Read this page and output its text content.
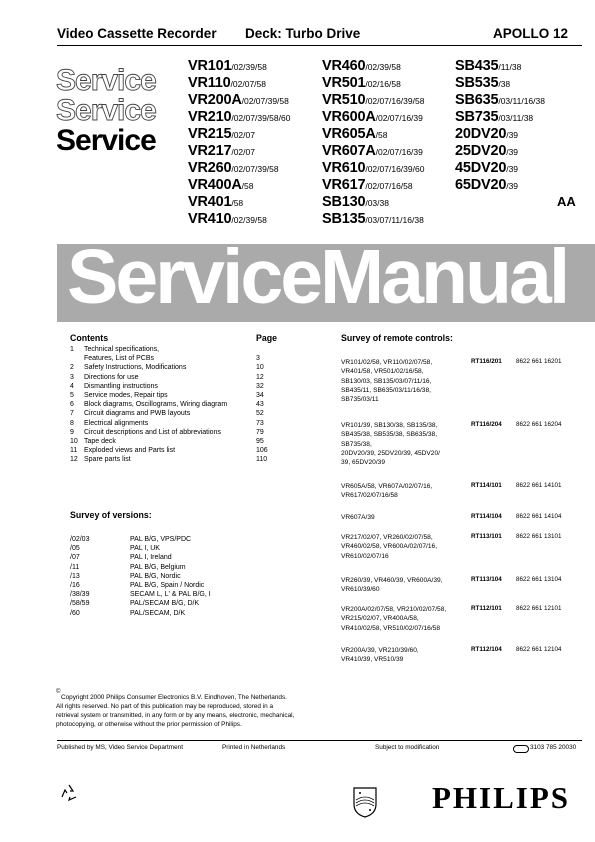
Video Cassette Recorder Deck: Turbo Drive	APOLLO 12
Service
Service
Service
VR101/02/39/58
VR110/02/07/58
VR200A/02/07/39/58
VR210/02/07/39/58/60
VR215/02/07
VR217/02/07
VR260/02/07/39/58
VR400A/58
VR401/58
VR410/02/39/58
VR460/02/39/58
VR501/02/16/58
VR510/02/07/16/39/58
VR600A/02/07/16/39
VR605A/58
VR607A/02/07/16/39
VR610/02/07/16/39/60
VR617/02/07/16/58
SB130/03/38
SB135/03/07/11/16/38
SB435/11/38
SB535/38
SB635/03/11/16/38
SB735/03/11/38
20DV20/39
25DV20/39
45DV20/39
65DV20/39
AA
ServiceManual
Contents	Page
1 Technical specifications,
Features, List of PCBs	3
2 Safety Instructions, Modifications	10
3 Directions for use	12
4 Dismantling instructions	32
5 Service modes, Repair tips	34
6 Block diagrams, Oscillograms, Wiring diagram	43
7 Circuit diagrams and PWB layouts	52
8 Electrical alignments	73
9 Circuit descriptions and List of abbreviations	79
10 Tape deck	95
11 Exploded views and Parts list	106
12 Spare parts list	110
Survey of versions:
/02/03	PAL B/G, VPS/PDC
/05	PAL I, UK
/07	PAL I, Ireland
/11	PAL B/G, Belgium
/13	PAL B/G, Nordic
/16	PAL B/G, Spain / Nordic
/38/39	SECAM L, L' & PAL B/G, I
/58/59	PAL/SECAM B/G, D/K
/60	PAL/SECAM, D/K
Survey of remote controls:
VR101/02/58, VR110/02/07/58,
VR401/58, VR501/02/16/58,
SB130/03, SB135/03/07/11/16,
SB435/11, SB635/03/11/16/38,
SB735/03/11
RT116/201 8622 661 16201
VR101/39, SB130/38, SB135/38,
SB435/38, SB535/38, SB635/38,
SB735/38,
20DV20/39, 25DV20/39, 45DV20/
39, 65DV20/39
RT116/204 8622 661 16204
VR605A/58, VR607A/02/07/16,
VR617/02/07/16/58
RT114/101 8622 661 14101
VR607A/39	RT114/104 8622 661 14104
VR217/02/07, VR260/02/07/58,
VR460/02/58, VR600A/02/07/16,
VR610/02/07/16
RT113/101 8622 661 13101
VR260/39, VR460/39, VR600A/39,
VR610/39/60
RT113/104 8622 661 13104
VR200A/02/07/58, VR210/02/07/58,
VR215/02/07, VR400A/58,
VR410/02/58, VR510/02/07/16/58
RT112/101 8622 661 12101
VR200A/39, VR210/39/60,
VR410/39, VR510/39
RT112/104 8622 661 12104
©
Copyright 2000 Philips Consumer Electronics B.V. Eindhoven, The Netherlands.
All rights reserved. No part of this publication may be reproduced, stored in a
retrieval system or transmitted, in any form or by any means, electronic, mechanical,
photocopying, or otherwise without the prior permission of Philips.
Published by MS, Video Service Department	Printed in Netherlands	Subject to modification	3103 785 20030
PHILIPS
